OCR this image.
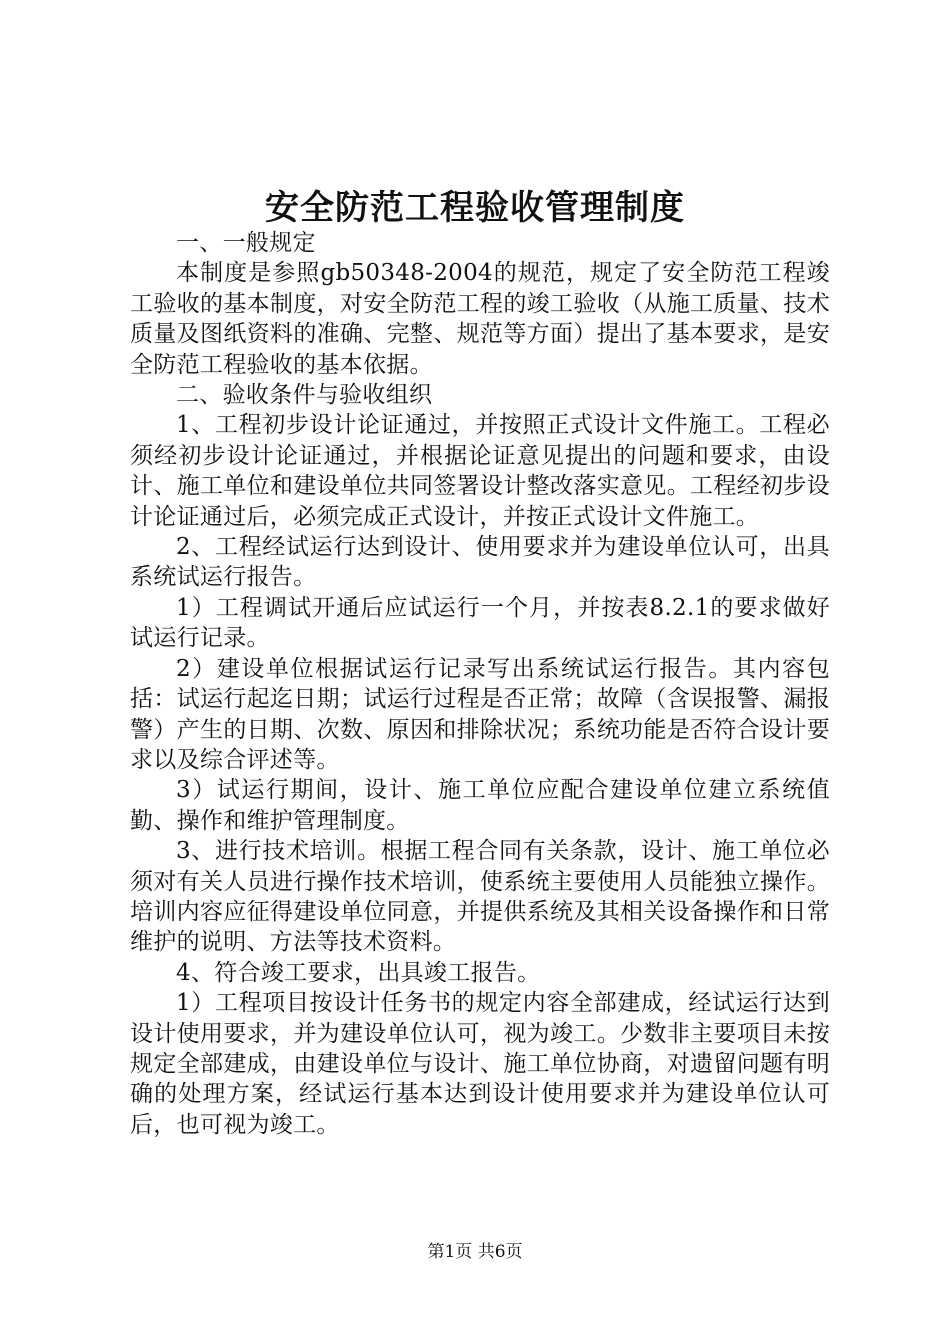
安全防范工程验收管理制度

一、一般规定

本制度是参照gb50348-2004的规范，规定了安全防范工程竣工验收的基本制度，对安全防范工程的竣工验收（从施工质量、技术质量及图纸资料的准确、完整、规范等方面）提出了基本要求，是安全防范工程验收的基本依据。

二、验收条件与验收组织

1、工程初步设计论证通过，并按照正式设计文件施工。工程必须经初步设计论证通过，并根据论证意见提出的问题和要求，由设计、施工单位和建设单位共同签署设计整改落实意见。工程经初步设计论证通过后，必须完成正式设计，并按正式设计文件施工。

2、工程经试运行达到设计、使用要求并为建设单位认可，出具系统试运行报告。

1）工程调试开通后应试运行一个月，并按表8.2.1的要求做好试运行记录。

2）建设单位根据试运行记录写出系统试运行报告。其内容包括：试运行起迄日期；试运行过程是否正常；故障（含误报警、漏报警）产生的日期、次数、原因和排除状况；系统功能是否符合设计要求以及综合评述等。

3）试运行期间，设计、施工单位应配合建设单位建立系统值勤、操作和维护管理制度。

3、进行技术培训。根据工程合同有关条款，设计、施工单位必须对有关人员进行操作技术培训，使系统主要使用人员能独立操作。培训内容应征得建设单位同意，并提供系统及其相关设备操作和日常维护的说明、方法等技术资料。

4、符合竣工要求，出具竣工报告。

1）工程项目按设计任务书的规定内容全部建成，经试运行达到设计使用要求，并为建设单位认可，视为竣工。少数非主要项目未按规定全部建成，由建设单位与设计、施工单位协商，对遗留问题有明确的处理方案，经试运行基本达到设计使用要求并为建设单位认可后，也可视为竣工。

第1页 共6页
